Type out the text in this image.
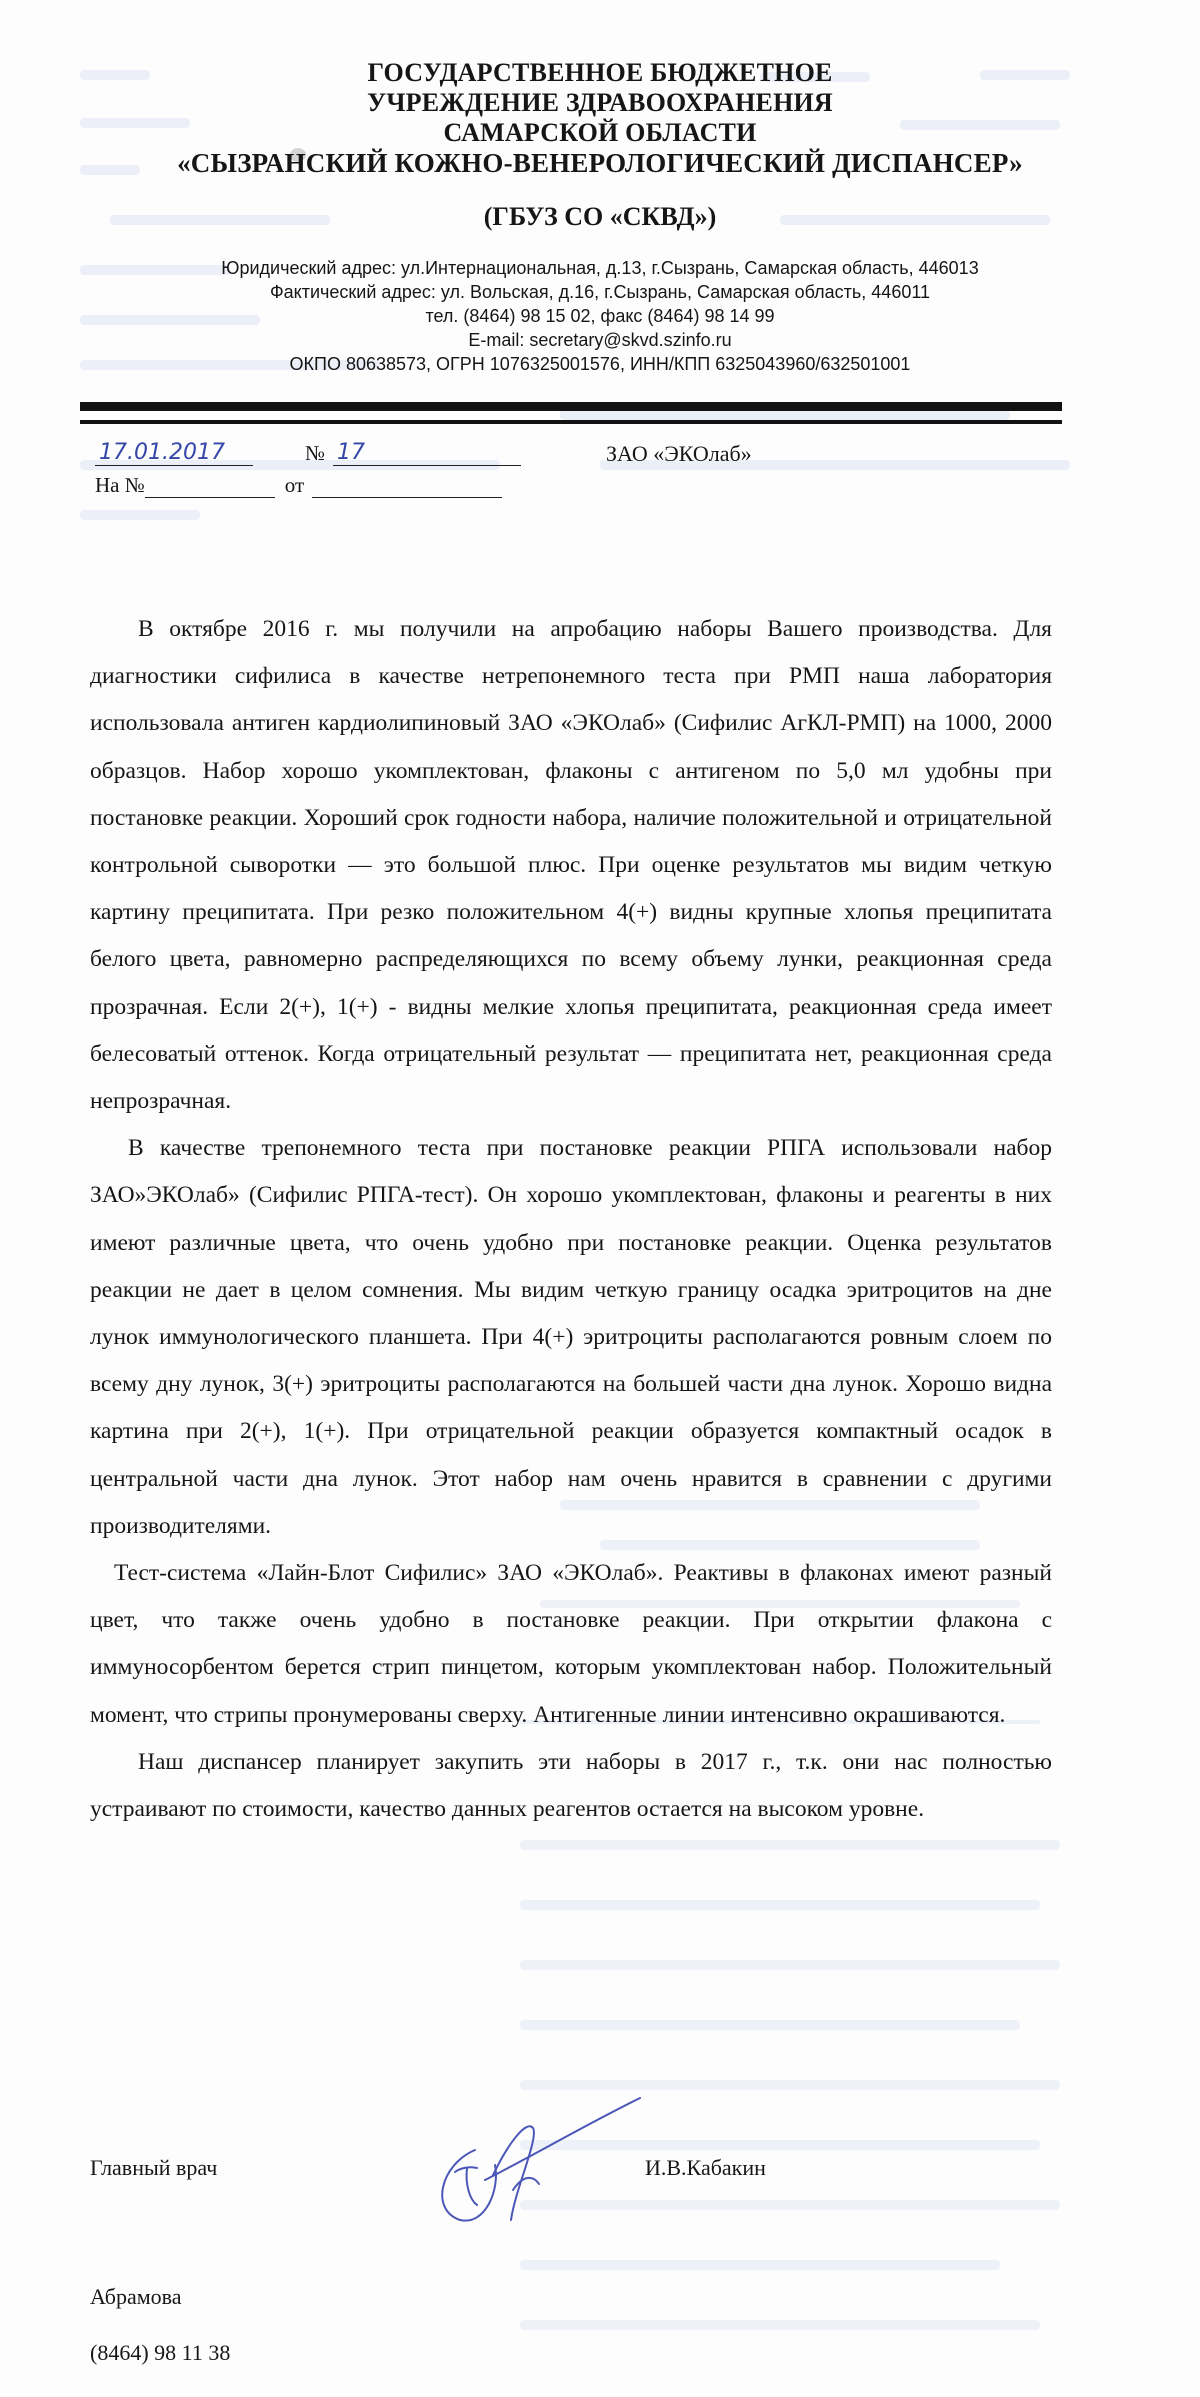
ГОСУДАРСТВЕННОЕ БЮДЖЕТНОЕ
УЧРЕЖДЕНИЕ ЗДРАВООХРАНЕНИЯ
САМАРСКОЙ ОБЛАСТИ
«СЫЗРАНСКИЙ КОЖНО-ВЕНЕРОЛОГИЧЕСКИЙ ДИСПАНСЕР»
(ГБУЗ СО «СКВД»)
Юридический адрес: ул.Интернациональная, д.13, г.Сызрань, Самарская область, 446013
Фактический адрес: ул. Вольская, д.16, г.Сызрань, Самарская область, 446011
тел. (8464) 98 15 02, факс (8464) 98 14 99
E-mail: secretary@skvd.szinfo.ru
ОКПО 80638573, ОГРН 1076325001576, ИНН/КПП 6325043960/632501001
17.01.2017	№ 17
На №	от
ЗАО «ЭКОлаб»

В октябре 2016 г. мы получили на апробацию наборы Вашего производства. Для диагностики сифилиса в качестве нетрепонемного теста при РМП наша лаборатория использовала антиген кардиолипиновый ЗАО «ЭКОлаб» (Сифилис АгКЛ-РМП) на 1000, 2000 образцов. Набор хорошо укомплектован, флаконы с антигеном по 5,0 мл удобны при постановке реакции. Хороший срок годности набора, наличие положительной и отрицательной контрольной сыворотки — это большой плюс. При оценке результатов мы видим четкую картину преципитата. При резко положительном 4(+) видны крупные хлопья преципитата белого цвета, равномерно распределяющихся по всему объему лунки, реакционная среда прозрачная. Если 2(+), 1(+) - видны мелкие хлопья преципитата, реакционная среда имеет белесоватый оттенок. Когда отрицательный результат — преципитата нет, реакционная среда непрозрачная.

В качестве трепонемного теста при постановке реакции РПГА использовали набор ЗАО»ЭКОлаб» (Сифилис РПГА-тест). Он хорошо укомплектован, флаконы и реагенты в них имеют различные цвета, что очень удобно при постановке реакции. Оценка результатов реакции не дает в целом сомнения. Мы видим четкую границу осадка эритроцитов на дне лунок иммунологического планшета. При 4(+) эритроциты располагаются ровным слоем по всему дну лунок, 3(+) эритроциты располагаются на большей части дна лунок. Хорошо видна картина при 2(+), 1(+). При отрицательной реакции образуется компактный осадок в центральной части дна лунок. Этот набор нам очень нравится в сравнении с другими производителями.

Тест-система «Лайн-Блот Сифилис» ЗАО «ЭКОлаб». Реактивы в флаконах имеют разный цвет, что также очень удобно в постановке реакции. При открытии флакона с иммуносорбентом берется стрип пинцетом, которым укомплектован набор. Положительный момент, что стрипы пронумерованы сверху. Антигенные линии интенсивно окрашиваются.

Наш диспансер планирует закупить эти наборы в 2017 г., т.к. они нас полностью устраивают по стоимости, качество данных реагентов остается на высоком уровне.

Главный врач	И.В.Кабакин
Абрамова
(8464) 98 11 38
